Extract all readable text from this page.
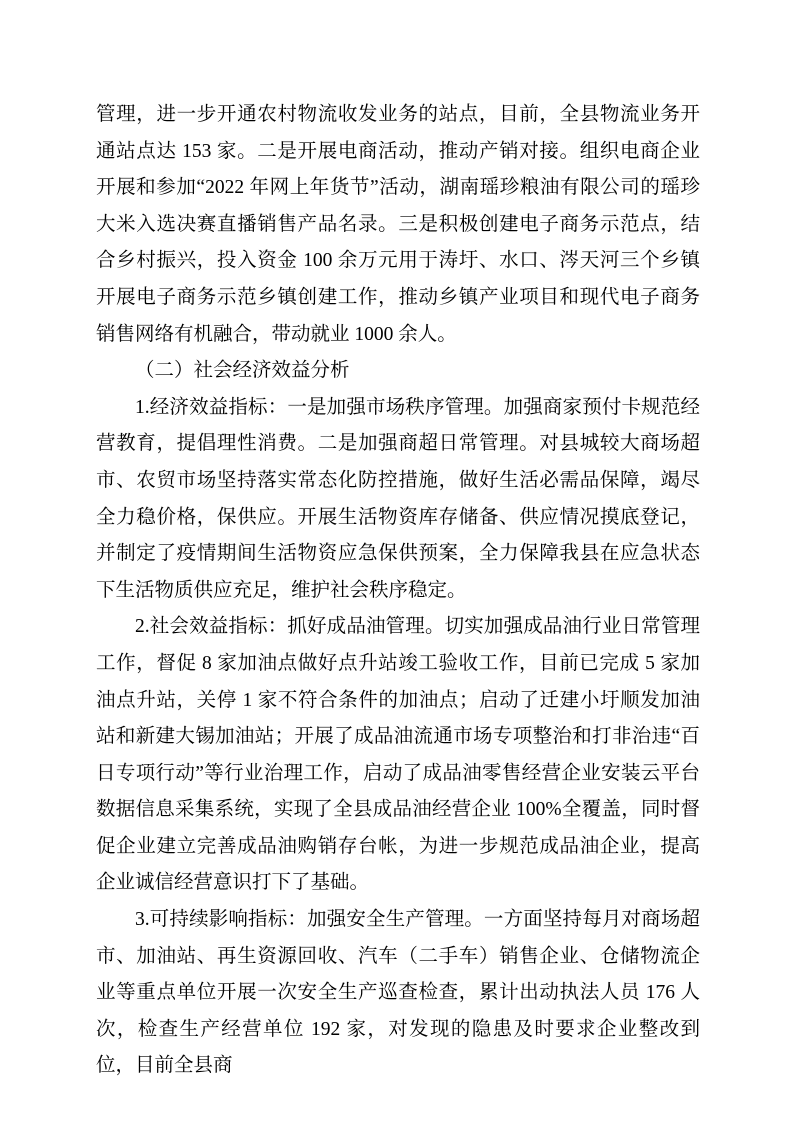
管理，进一步开通农村物流收发业务的站点，目前，全县物流业务开通站点达 153 家。二是开展电商活动，推动产销对接。组织电商企业开展和参加“2022 年网上年货节”活动，湖南瑶珍粮油有限公司的瑶珍大米入选决赛直播销售产品名录。三是积极创建电子商务示范点，结合乡村振兴，投入资金 100 余万元用于涛圩、水口、涔天河三个乡镇开展电子商务示范乡镇创建工作，推动乡镇产业项目和现代电子商务销售网络有机融合，带动就业 1000 余人。

（二）社会经济效益分析

1.经济效益指标：一是加强市场秩序管理。加强商家预付卡规范经营教育，提倡理性消费。二是加强商超日常管理。对县城较大商场超市、农贸市场坚持落实常态化防控措施，做好生活必需品保障，竭尽全力稳价格，保供应。开展生活物资库存储备、供应情况摸底登记，并制定了疫情期间生活物资应急保供预案，全力保障我县在应急状态下生活物质供应充足，维护社会秩序稳定。

2.社会效益指标：抓好成品油管理。切实加强成品油行业日常管理工作，督促 8 家加油点做好点升站竣工验收工作，目前已完成 5 家加油点升站，关停 1 家不符合条件的加油点；启动了迁建小圩顺发加油站和新建大锡加油站；开展了成品油流通市场专项整治和打非治违“百日专项行动”等行业治理工作，启动了成品油零售经营企业安装云平台数据信息采集系统，实现了全县成品油经营企业 100%全覆盖，同时督促企业建立完善成品油购销存台帐，为进一步规范成品油企业，提高企业诚信经营意识打下了基础。

3.可持续影响指标：加强安全生产管理。一方面坚持每月对商场超市、加油站、再生资源回收、汽车（二手车）销售企业、仓储物流企业等重点单位开展一次安全生产巡查检查，累计出动执法人员 176 人次，检查生产经营单位 192 家，对发现的隐患及时要求企业整改到位，目前全县商
